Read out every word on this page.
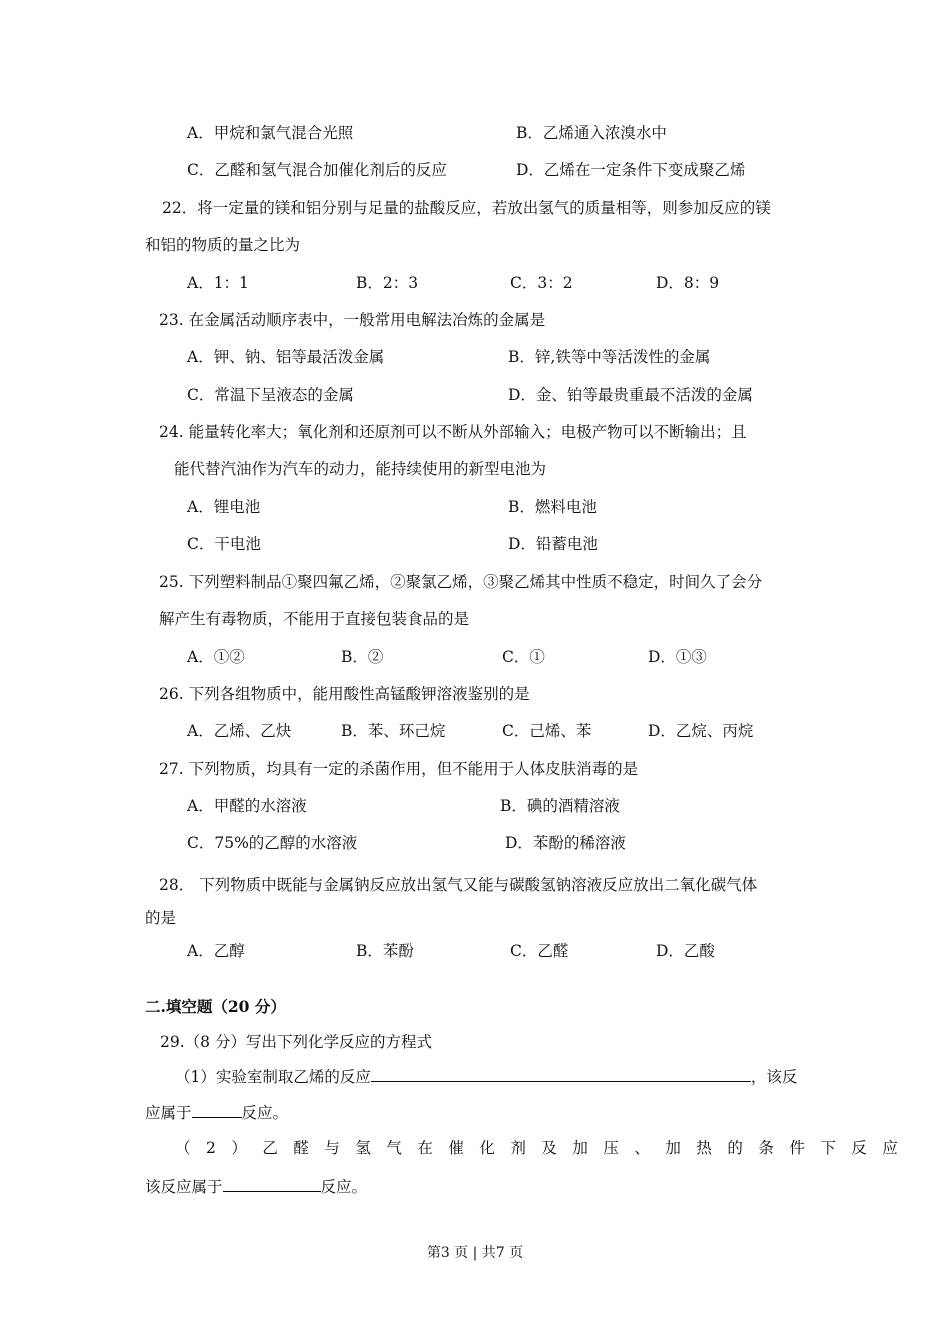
A．甲烷和氯气混合光照	B．乙烯通入浓溴水中
C．乙醛和氢气混合加催化剂后的反应	D．乙烯在一定条件下变成聚乙烯
22．将一定量的镁和铝分别与足量的盐酸反应，若放出氢气的质量相等，则参加反应的镁
和铝的物质的量之比为
A．1：1	B．2：3	C．3：2	D．8：9
23. 在金属活动顺序表中，一般常用电解法冶炼的金属是
A．钾、钠、铝等最活泼金属	B．锌,铁等中等活泼性的金属
C．常温下呈液态的金属	D．金、铂等最贵重最不活泼的金属
24. 能量转化率大；氧化剂和还原剂可以不断从外部输入；电极产物可以不断输出；且
能代替汽油作为汽车的动力，能持续使用的新型电池为
A．锂电池	B．燃料电池
C．干电池	D．铅蓄电池
25. 下列塑料制品①聚四氟乙烯，②聚氯乙烯，③聚乙烯其中性质不稳定，时间久了会分
解产生有毒物质，不能用于直接包装食品的是
A．①②	B．②	C．①	D．①③
26. 下列各组物质中，能用酸性高锰酸钾溶液鉴别的是
A．乙烯、乙炔	B．苯、环己烷	C．己烯、苯	D．乙烷、丙烷
27. 下列物质，均具有一定的杀菌作用，但不能用于人体皮肤消毒的是
A．甲醛的水溶液	B．碘的酒精溶液
C．75%的乙醇的水溶液	D．苯酚的稀溶液
28． 下列物质中既能与金属钠反应放出氢气又能与碳酸氢钠溶液反应放出二氧化碳气体
的是
A．乙醇	B．苯酚	C．乙醛	D．乙酸
二.填空题（20 分）
29.（8 分）写出下列化学反应的方程式
（1）实验室制取乙烯的反应	，该反
应属于	反应。
（2）乙醛与氢气在催化剂及加压、加热的条件下反应
该反应属于	反应。
第3 页 | 共7 页
